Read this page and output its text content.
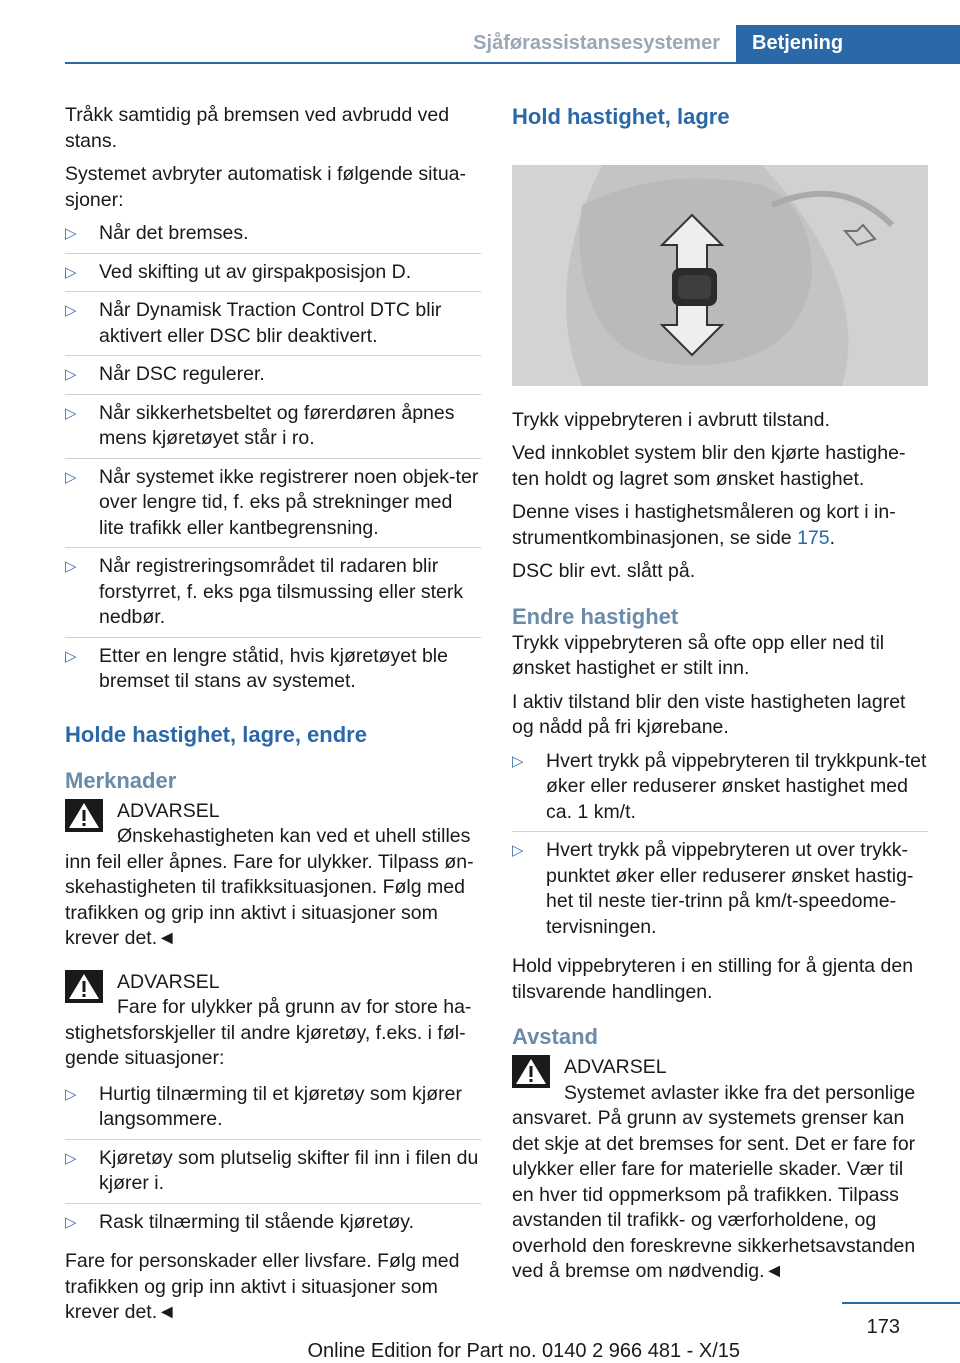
Sjåførassistansesystemer	Betjening

Tråkk samtidig på bremsen ved avbrudd ved stans.

Systemet avbryter automatisk i følgende situa‐sjoner:

▷ Når det bremses.
▷ Ved skifting ut av girspakposisjon D.
▷ Når Dynamisk Traction Control DTC blir aktivert eller DSC blir deaktivert.
▷ Når DSC regulerer.
▷ Når sikkerhetsbeltet og førerdøren åpnes mens kjøretøyet står i ro.
▷ Når systemet ikke registrerer noen objek‐ter over lengre tid, f. eks på strekninger med lite trafikk eller kantbegrensning.
▷ Når registreringsområdet til radaren blir forstyrret, f. eks pga tilsmussing eller sterk nedbør.
▷ Etter en lengre ståtid, hvis kjøretøyet ble bremset til stans av systemet.
Holde hastighet, lagre, endre
Merknader
ADVARSEL
Ønskehastigheten kan ved et uhell stilles
inn feil eller åpnes. Fare for ulykker. Tilpass øn‐skehastigheten til trafikksituasjonen. Følg med trafikken og grip inn aktivt i situasjoner som krever det.◄
ADVARSEL
Fare for ulykker på grunn av for store ha‐
stighetsforskjeller til andre kjøretøy, f.eks. i føl‐gende situasjoner:
▷ Hurtig tilnærming til et kjøretøy som kjører langsommere.
▷ Kjøretøy som plutselig skifter fil inn i filen du kjører i.
▷ Rask tilnærming til stående kjøretøy.

Fare for personskader eller livsfare. Følg med trafikken og grip inn aktivt i situasjoner som krever det.◄

Hold hastighet, lagre

Trykk vippebryteren i avbrutt tilstand.

Ved innkoblet system blir den kjørte hastighe‐ten holdt og lagret som ønsket hastighet.

Denne vises i hastighetsmåleren og kort i in‐strumentkombinasjonen, se side 175.

DSC blir evt. slått på.

Endre hastighet

Trykk vippebryteren så ofte opp eller ned til ønsket hastighet er stilt inn.

I aktiv tilstand blir den viste hastigheten lagret og nådd på fri kjørebane.

▷ Hvert trykk på vippebryteren til trykkpunk‐tet øker eller reduserer ønsket hastighet med ca. 1 km/t.
▷ Hvert trykk på vippebryteren ut over trykk‐punktet øker eller reduserer ønsket hastig‐het til neste tier-trinn på km/t-speedome‐tervisningen.

Hold vippebryteren i en stilling for å gjenta den tilsvarende handlingen.

Avstand
ADVARSEL
Systemet avlaster ikke fra det personlige
ansvaret. På grunn av systemets grenser kan det skje at det bremses for sent. Det er fare for ulykker eller fare for materielle skader. Vær til en hver tid oppmerksom på trafikken. Tilpass avstanden til trafikk- og værforholdene, og overhold den foreskrevne sikkerhetsavstanden ved å bremse om nødvendig.◄
173
Online Edition for Part no. 0140 2 966 481 - X/15
